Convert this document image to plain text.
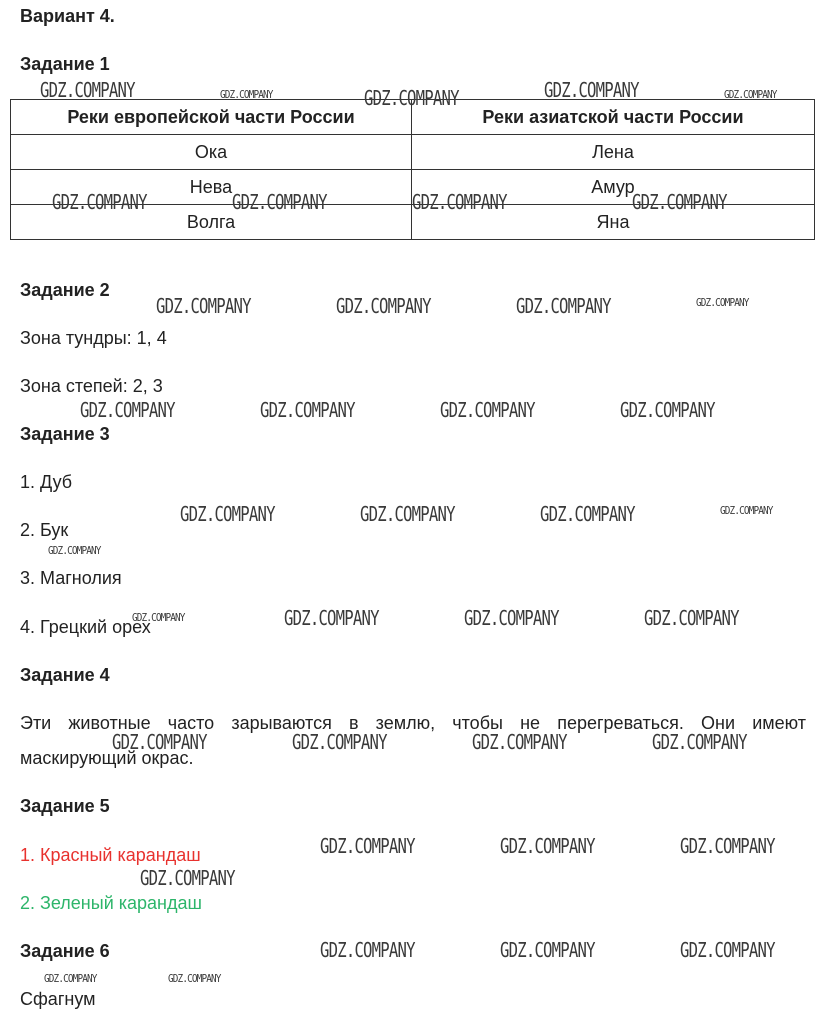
Вариант 4.
Задание 1
Реки европейской части России	Реки азиатской части России
Ока	Лена
Нева	Амур
Волга	Яна
Задание 2
Зона тундры: 1, 4
Зона степей: 2, 3
Задание 3
1. Дуб
2. Бук
3. Магнолия
4. Грецкий орех
Задание 4
Эти животные часто зарываются в землю, чтобы не перегреваться. Они имеют
маскирующий окрас.
Задание 5
1. Красный карандаш
2. Зеленый карандаш
Задание 6
Сфагнум
GDZ.COMPANY	GDZ.COMPANY	GDZ.COMPANY	GDZ.COMPANY	GDZ.COMPANY
GDZ.COMPANY	GDZ.COMPANY	GDZ.COMPANY	GDZ.COMPANY
GDZ.COMPANY	GDZ.COMPANY	GDZ.COMPANY	GDZ.COMPANY
GDZ.COMPANY	GDZ.COMPANY	GDZ.COMPANY	GDZ.COMPANY
GDZ.COMPANY	GDZ.COMPANY	GDZ.COMPANY	GDZ.COMPANY
GDZ.COMPANY
GDZ.COMPANY	GDZ.COMPANY	GDZ.COMPANY	GDZ.COMPANY
GDZ.COMPANY	GDZ.COMPANY	GDZ.COMPANY	GDZ.COMPANY
GDZ.COMPANY	GDZ.COMPANY	GDZ.COMPANY
GDZ.COMPANY
GDZ.COMPANY	GDZ.COMPANY	GDZ.COMPANY
GDZ.COMPANY	GDZ.COMPANY
